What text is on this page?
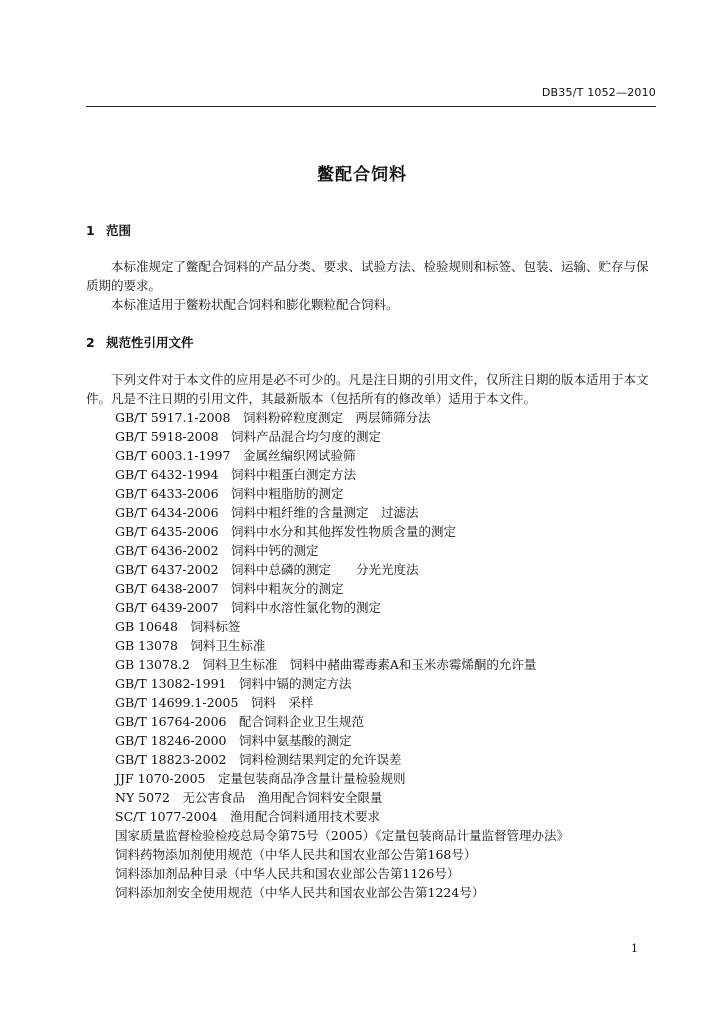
DB35/T 1052—2010
鳖配合饲料
1 范围

本标准规定了鳖配合饲料的产品分类、要求、试验方法、检验规则和标签、包装、运输、贮存与保质期的要求。

本标准适用于鳖粉状配合饲料和膨化颗粒配合饲料。

2 规范性引用文件

下列文件对于本文件的应用是必不可少的。凡是注日期的引用文件，仅所注日期的版本适用于本文件。凡是不注日期的引用文件，其最新版本（包括所有的修改单）适用于本文件。

GB/T 5917.1-2008　饲料粉碎粒度测定　两层筛筛分法
GB/T 5918-2008　饲料产品混合均匀度的测定
GB/T 6003.1-1997　金属丝编织网试验筛
GB/T 6432-1994　饲料中粗蛋白测定方法
GB/T 6433-2006　饲料中粗脂肪的测定
GB/T 6434-2006　饲料中粗纤维的含量测定　过滤法
GB/T 6435-2006　饲料中水分和其他挥发性物质含量的测定
GB/T 6436-2002　饲料中钙的测定
GB/T 6437-2002　饲料中总磷的测定　　分光光度法
GB/T 6438-2007　饲料中粗灰分的测定
GB/T 6439-2007　饲料中水溶性氯化物的测定
GB 10648　饲料标签
GB 13078　饲料卫生标准
GB 13078.2　饲料卫生标准　饲料中赭曲霉毒素A和玉米赤霉烯酮的允许量
GB/T 13082-1991　饲料中镉的测定方法
GB/T 14699.1-2005　饲料　采样
GB/T 16764-2006　配合饲料企业卫生规范
GB/T 18246-2000　饲料中氨基酸的测定
GB/T 18823-2002　饲料检测结果判定的允许误差
JJF 1070-2005　定量包装商品净含量计量检验规则
NY 5072　无公害食品　渔用配合饲料安全限量
SC/T 1077-2004　渔用配合饲料通用技术要求
国家质量监督检验检疫总局令第75号（2005）《定量包装商品计量监督管理办法》
饲料药物添加剂使用规范（中华人民共和国农业部公告第168号）
饲料添加剂品种目录（中华人民共和国农业部公告第1126号）
饲料添加剂安全使用规范（中华人民共和国农业部公告第1224号）
1
